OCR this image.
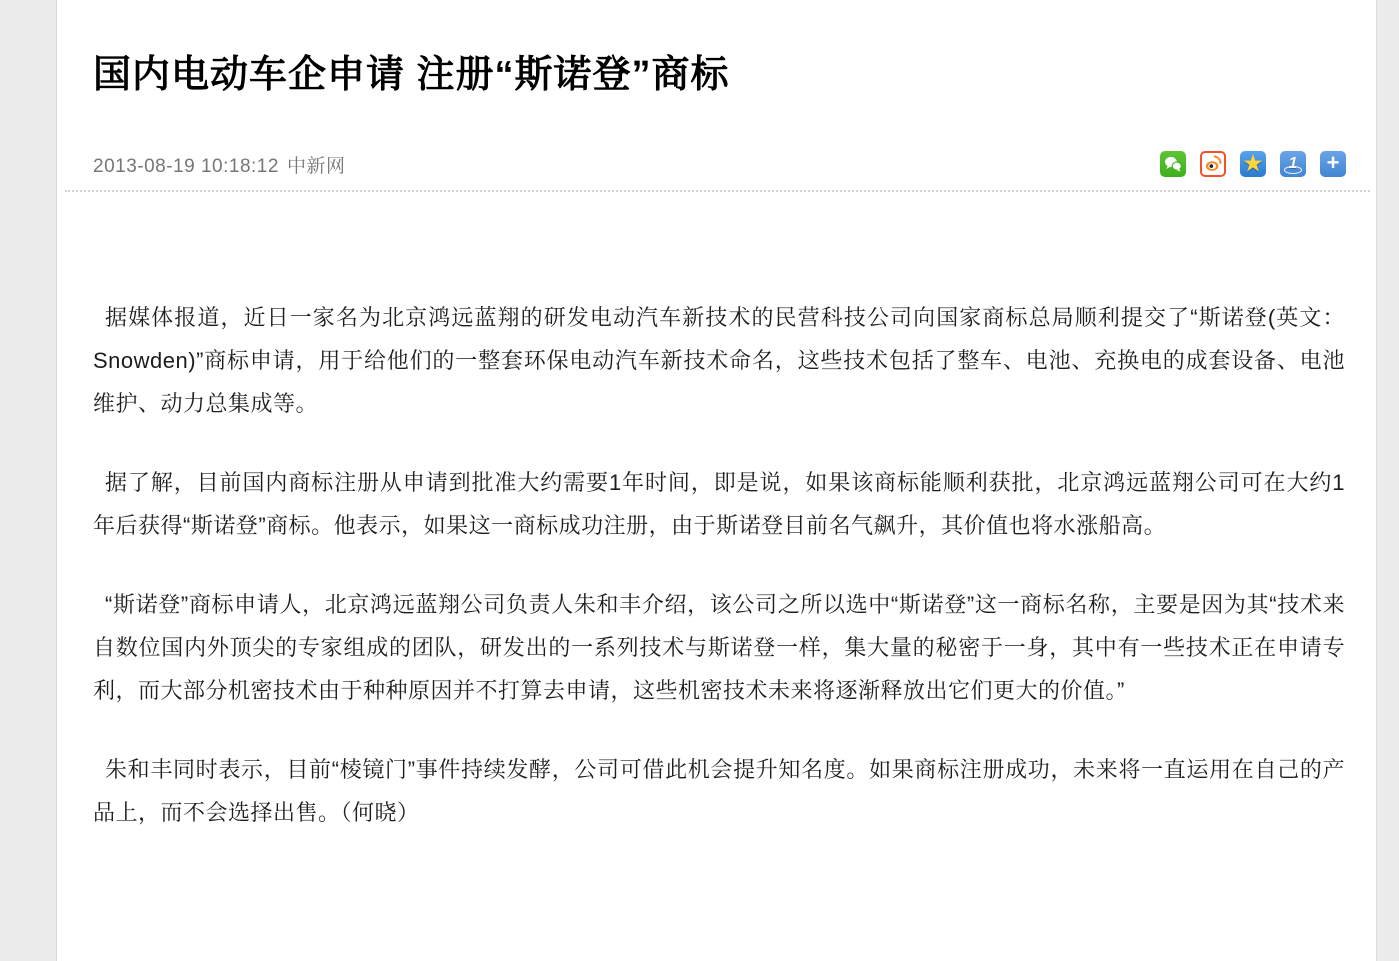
国内电动车企申请 注册“斯诺登”商标
2013-08-19 10:18:12 中新网	★ 1 +

据媒体报道，近日一家名为北京鸿远蓝翔的研发电动汽车新技术的民营科技公司向国家商标总局顺利提交了“斯诺登(英文：Snowden)”商标申请，用于给他们的一整套环保电动汽车新技术命名，这些技术包括了整车、电池、充换电的成套设备、电池维护、动力总集成等。

据了解，目前国内商标注册从申请到批准大约需要1年时间，即是说，如果该商标能顺利获批，北京鸿远蓝翔公司可在大约1年后获得“斯诺登”商标。他表示，如果这一商标成功注册，由于斯诺登目前名气飙升，其价值也将水涨船高。

“斯诺登”商标申请人，北京鸿远蓝翔公司负责人朱和丰介绍，该公司之所以选中“斯诺登”这一商标名称，主要是因为其“技术来自数位国内外顶尖的专家组成的团队，研发出的一系列技术与斯诺登一样，集大量的秘密于一身，其中有一些技术正在申请专利，而大部分机密技术由于种种原因并不打算去申请，这些机密技术未来将逐渐释放出它们更大的价值。”

朱和丰同时表示，目前“棱镜门”事件持续发酵，公司可借此机会提升知名度。如果商标注册成功，未来将一直运用在自己的产品上，而不会选择出售。（何晓）
